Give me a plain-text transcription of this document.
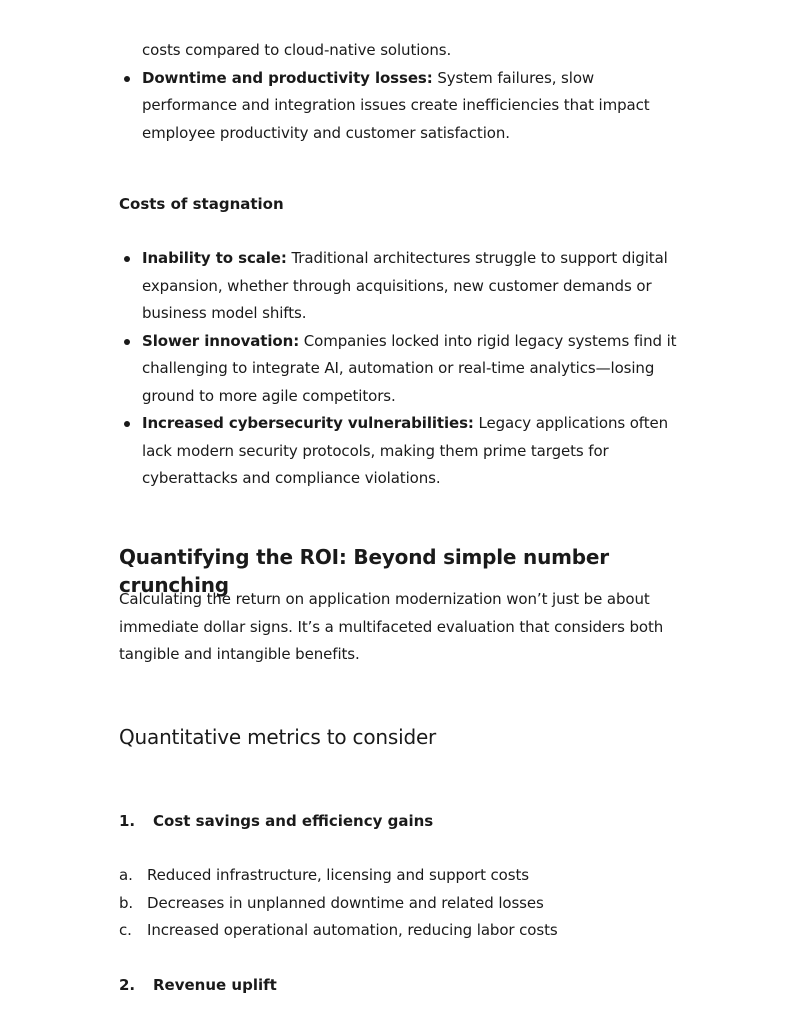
costs compared to cloud-native solutions.
Downtime and productivity losses: System failures, slow performance and integration issues create inefficiencies that impact employee productivity and customer satisfaction.

Costs of stagnation

Inability to scale: Traditional architectures struggle to support digital expansion, whether through acquisitions, new customer demands or business model shifts.
Slower innovation: Companies locked into rigid legacy systems find it challenging to integrate AI, automation or real-time analytics—losing ground to more agile competitors.
Increased cybersecurity vulnerabilities: Legacy applications often lack modern security protocols, making them prime targets for cyberattacks and compliance violations.
Quantifying the ROI: Beyond simple number crunching

Calculating the return on application modernization won’t just be about immediate dollar signs. It’s a multifaceted evaluation that considers both tangible and intangible benefits.

Quantitative metrics to consider

1. Cost savings and efficiency gains

a. Reduced infrastructure, licensing and support costs
b. Decreases in unplanned downtime and related losses
c. Increased operational automation, reducing labor costs

2. Revenue uplift
